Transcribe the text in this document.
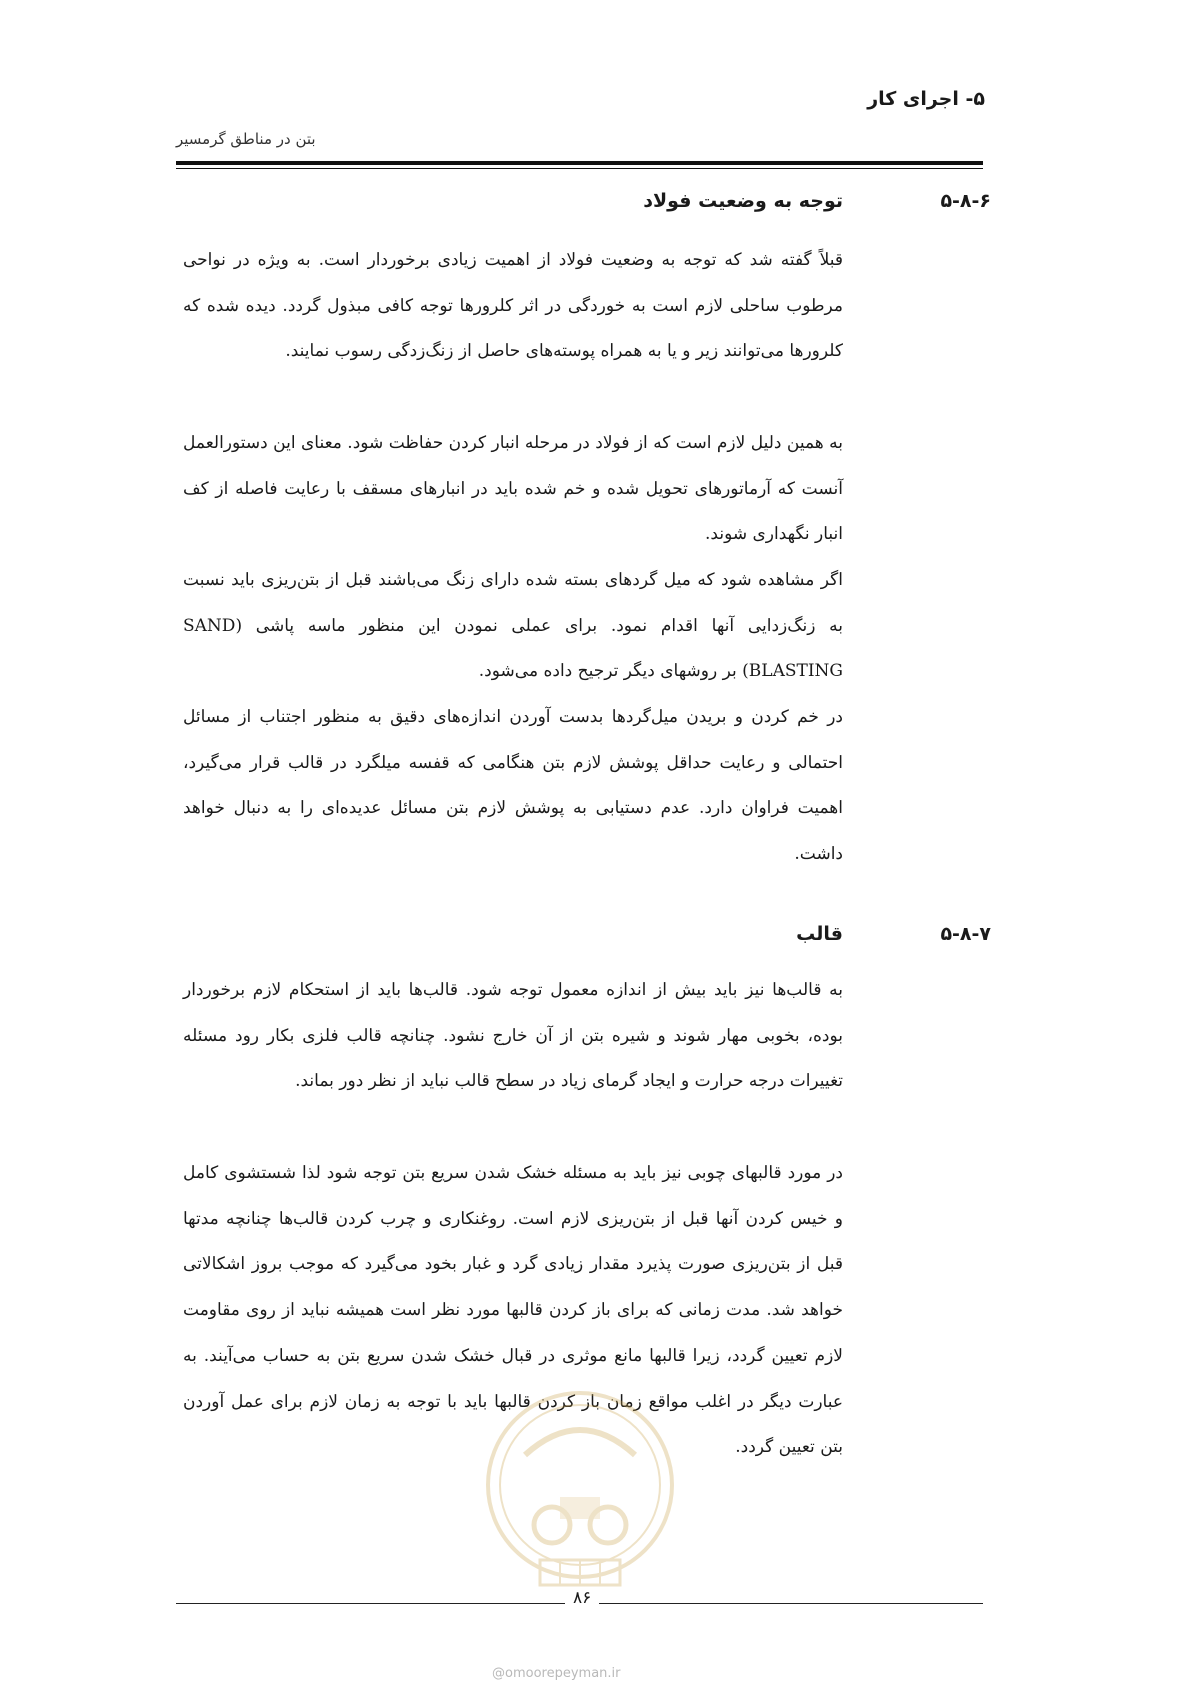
۵- اجرای کار
بتن در مناطق گرمسیر
۵-۸-۶
توجه به وضعیت فولاد

قبلاً گفته شد که توجه به وضعیت فولاد از اهمیت زیادی برخوردار است. به ویژه در نواحی مرطوب ساحلی لازم است به خوردگی در اثر کلرورها توجه کافی مبذول گردد. دیده شده که کلرورها می‌توانند زیر و یا به همراه پوسته‌های حاصل از زنگ‌زدگی رسوب نمایند.

به همین دلیل لازم است که از فولاد در مرحله انبار کردن حفاظت شود. معنای این دستورالعمل آنست که آرماتورهای تحویل شده و خم شده باید در انبارهای مسقف با رعایت فاصله از کف انبار نگهداری شوند.

اگر مشاهده شود که میل گردهای بسته شده دارای زنگ می‌باشند قبل از بتن‌ریزی باید نسبت به زنگ‌زدایی آنها اقدام نمود. برای عملی نمودن این منظور ماسه پاشی (SAND BLASTING) بر روشهای دیگر ترجیح داده می‌شود.

در خم کردن و بریدن میل‌گردها بدست آوردن اندازه‌های دقیق به منظور اجتناب از مسائل احتمالی و رعایت حداقل پوشش لازم بتن هنگامی که قفسه میلگرد در قالب قرار می‌گیرد، اهمیت فراوان دارد. عدم دستیابی به پوشش لازم بتن مسائل عدیده‌ای را به دنبال خواهد داشت.

۵-۸-۷
قالب

به قالب‌ها نیز باید بیش از اندازه معمول توجه شود. قالب‌ها باید از استحکام لازم برخوردار بوده، بخوبی مهار شوند و شیره بتن از آن خارج نشود. چنانچه قالب فلزی بکار رود مسئله تغییرات درجه حرارت و ایجاد گرمای زیاد در سطح قالب نباید از نظر دور بماند.

در مورد قالبهای چوبی نیز باید به مسئله خشک شدن سریع بتن توجه شود لذا شستشوی کامل و خیس کردن آنها قبل از بتن‌ریزی لازم است. روغنکاری و چرب کردن قالب‌ها چنانچه مدتها قبل از بتن‌ریزی صورت پذیرد مقدار زیادی گرد و غبار بخود می‌گیرد که موجب بروز اشکالاتی خواهد شد. مدت زمانی که برای باز کردن قالبها مورد نظر است همیشه نباید از روی مقاومت لازم تعیین گردد، زیرا قالبها مانع موثری در قبال خشک شدن سریع بتن به حساب می‌آیند. به عبارت دیگر در اغلب مواقع زمان باز کردن قالبها باید با توجه به زمان لازم برای عمل آوردن بتن تعیین گردد.

۸۶
@omoorepeyman.ir
